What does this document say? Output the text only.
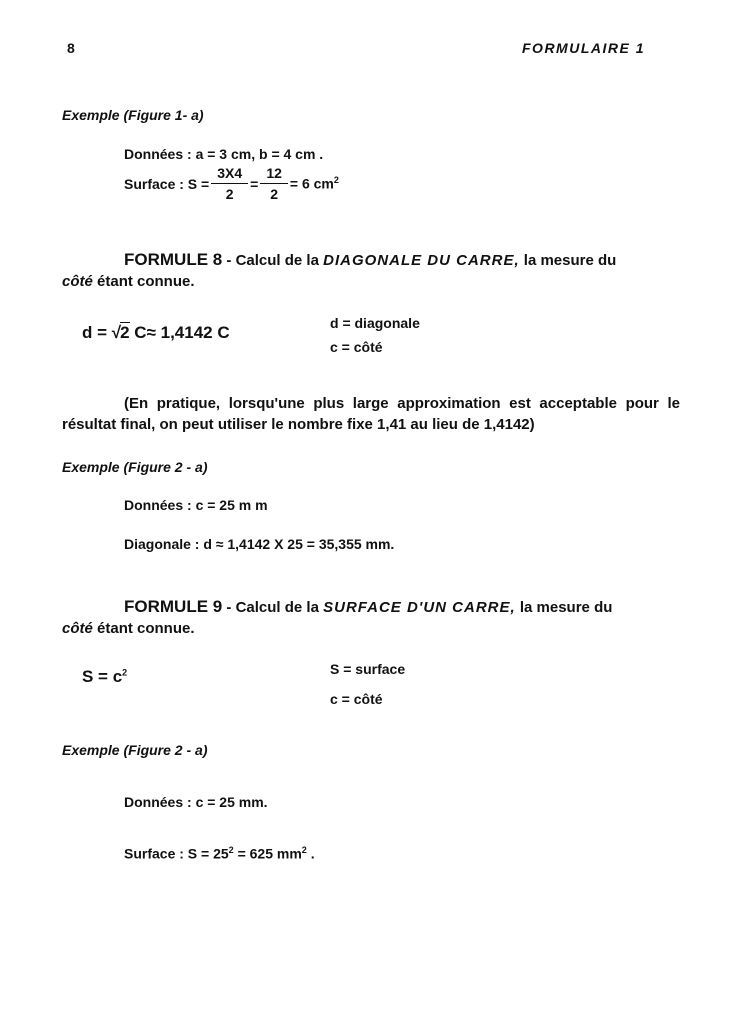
8	FORMULAIRE 1
Exemple (Figure 1- a)
Données : a = 3 cm, b = 4 cm .
Surface : $S = \frac{3X4}{2} = \frac{12}{2} = 6$ $cm^2$
FORMULE 8 - Calcul de la DIAGONALE DU CARRE, la mesure du
côté étant connue.
d = √2 C≈ 1,4142 C	d = diagonale
c = côté
(En pratique, lorsqu'une plus large approximation est acceptable pour le résultat final, on peut utiliser le nombre fixe 1,41 au lieu de 1,4142)
Exemple (Figure 2 - a)
Données : c = 25 m m
Diagonale : d ≈ 1,4142 X 25 = 35,355 mm.
FORMULE 9 - Calcul de la SURFACE D'UN CARRE, la mesure du
côté étant connue.
$S = c^2$	S = surface
c = côté
Exemple (Figure 2 - a)
Données : c = 25 mm.
Surface : $S = 25^2 = 625$ $mm^2$ .
